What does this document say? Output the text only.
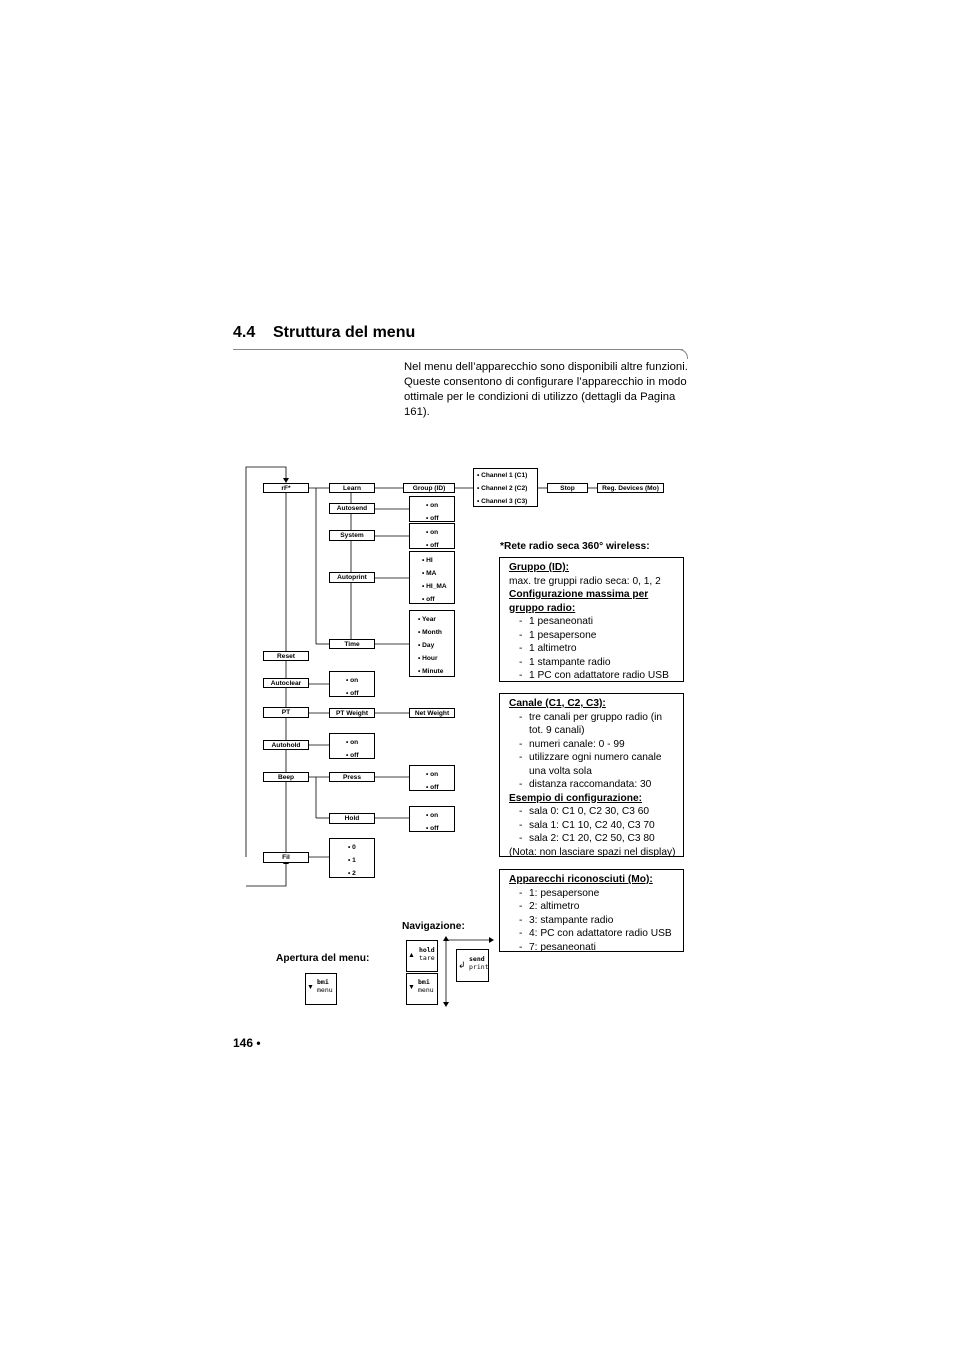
4.4 Struttura del menu

Nel menu dell’apparecchio sono disponibili altre funzioni. Queste consentono di configurare l’apparecchio in modo ottimale per le condizioni di utilizzo (dettagli da Pagina 161).

rF*
Reset
Autoclear
PT
Autohold
Beep
Fil
Learn
Autosend
System
Autoprint
Time
PT Weight
Press
Hold
• on
• off
• on
• off
• 0
• 1
• 2
Group (ID)
• on
• off
• on
• off
• HI
• MA
• HI_MA
• off
• Year
• Month
• Day
• Hour
• Minute
Net Weight
• on
• off
• on
• off
• Channel 1 (C1)
• Channel 2 (C2)
• Channel 3 (C3)
Stop	Reg. Devices (Mo)
*Rete radio seca 360° wireless:
Gruppo (ID):
max. tre gruppi radio seca: 0, 1, 2
Configurazione massima per
gruppo radio:
- 1 pesaneonati
- 1 pesapersone
- 1 altimetro
- 1 stampante radio
- 1 PC con adattatore radio USB
Canale (C1, C2, C3):
- tre canali per gruppo radio (in tot. 9 canali)
- numeri canale: 0 - 99
- utilizzare ogni numero canale una volta sola
- distanza raccomandata: 30
Esempio di configurazione:
- sala 0: C1 0, C2 30, C3 60
- sala 1: C1 10, C2 40, C3 70
- sala 2: C1 20, C2 50, C3 80
(Nota: non lasciare spazi nel display)
Apparecchi riconosciuti (Mo):
- 1: pesapersone
- 2: altimetro
- 3: stampante radio
- 4: PC con adattatore radio USB
- 7: pesaneonati
Navigazione:
Apertura del menu:
▼
bmi
menu
▲
hold
tare
▼
bmi
menu
↲
send
print
146 •
